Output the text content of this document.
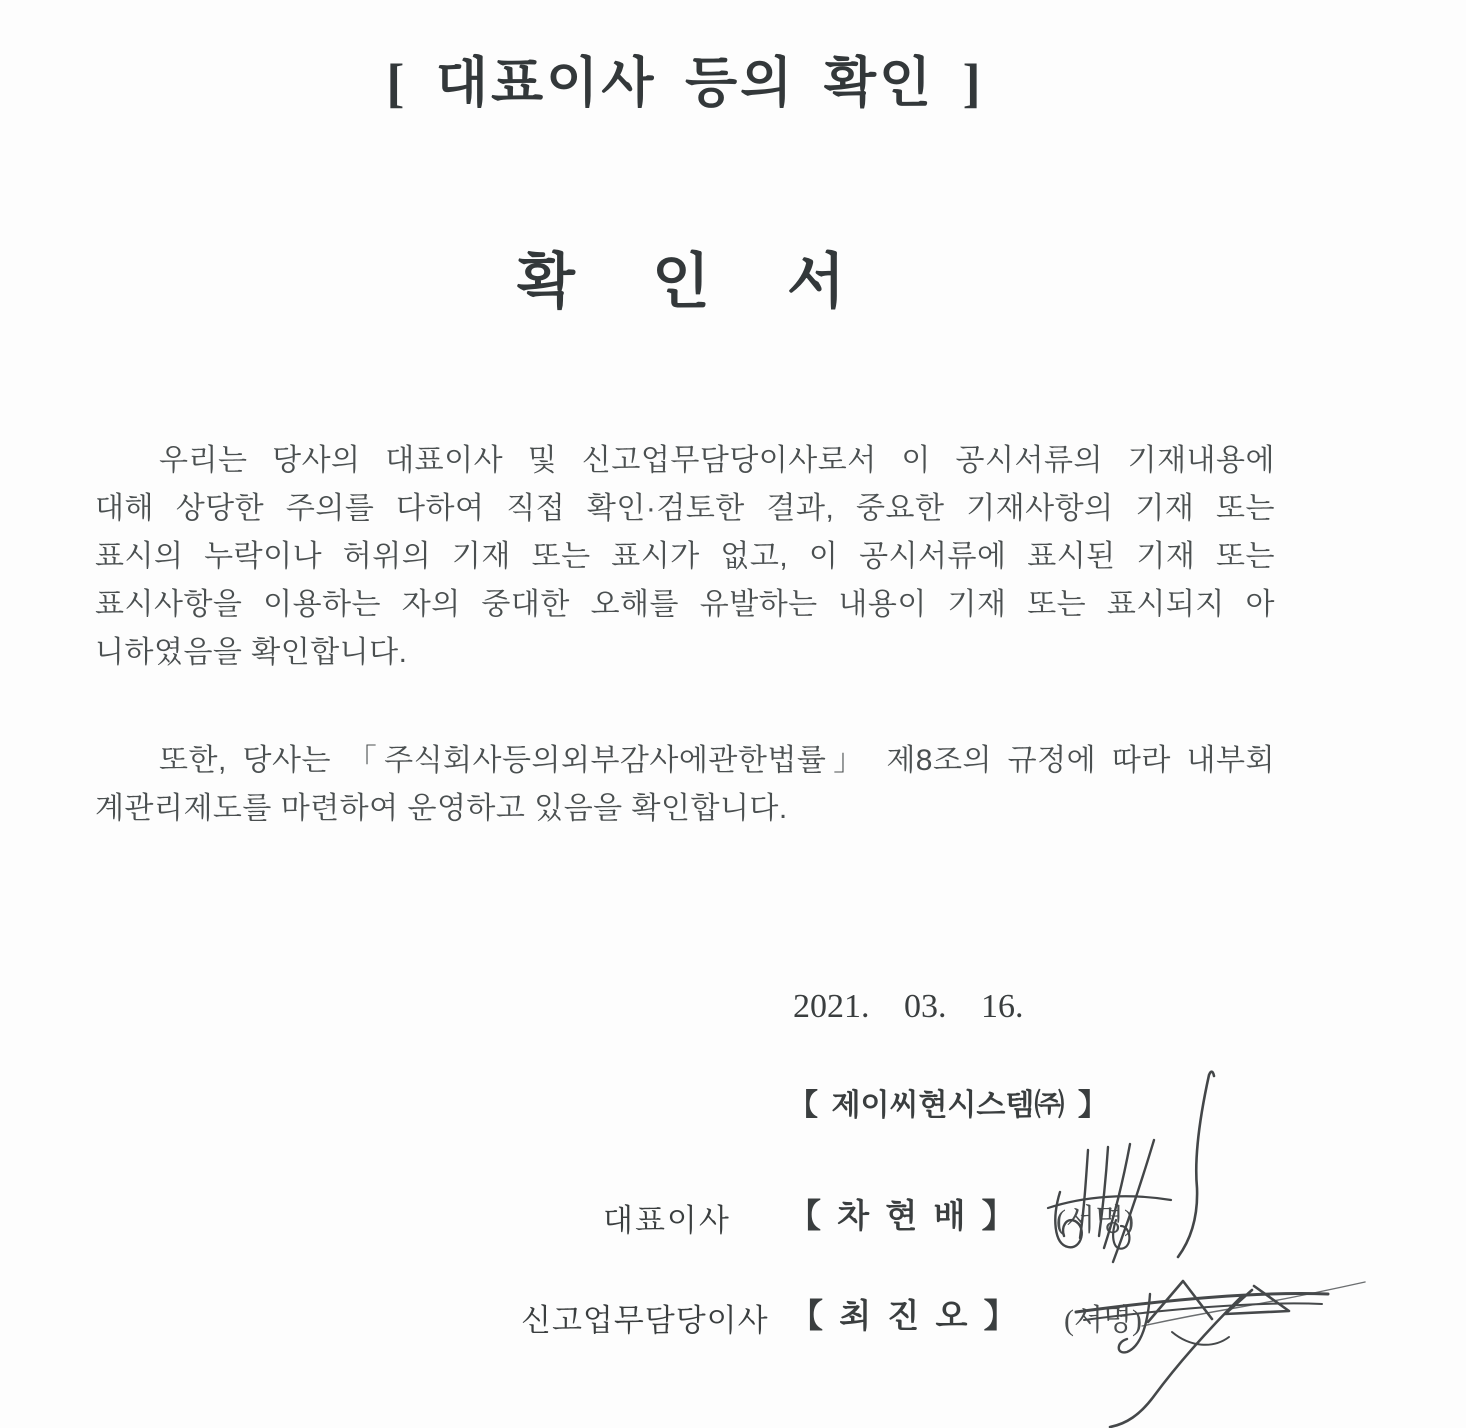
[ 대표이사 등의 확인 ]
확 인 서
우리는 당사의 대표이사 및 신고업무담당이사로서 이 공시서류의 기재내용에
대해 상당한 주의를 다하여 직접 확인·검토한 결과, 중요한 기재사항의 기재 또는
표시의 누락이나 허위의 기재 또는 표시가 없고, 이 공시서류에 표시된 기재 또는
표시사항을 이용하는 자의 중대한 오해를 유발하는 내용이 기재 또는 표시되지 아
니하였음을 확인합니다.
또한, 당사는 「주식회사등의외부감사에관한법률」 제8조의 규정에 따라 내부회
계관리제도를 마련하여 운영하고 있음을 확인합니다.
2021. 03. 16.
【 제이씨현시스템㈜ 】
대표이사 【 차 현 배 】 (서명)
신고업무담당이사 【 최 진 오 】 (서명)
